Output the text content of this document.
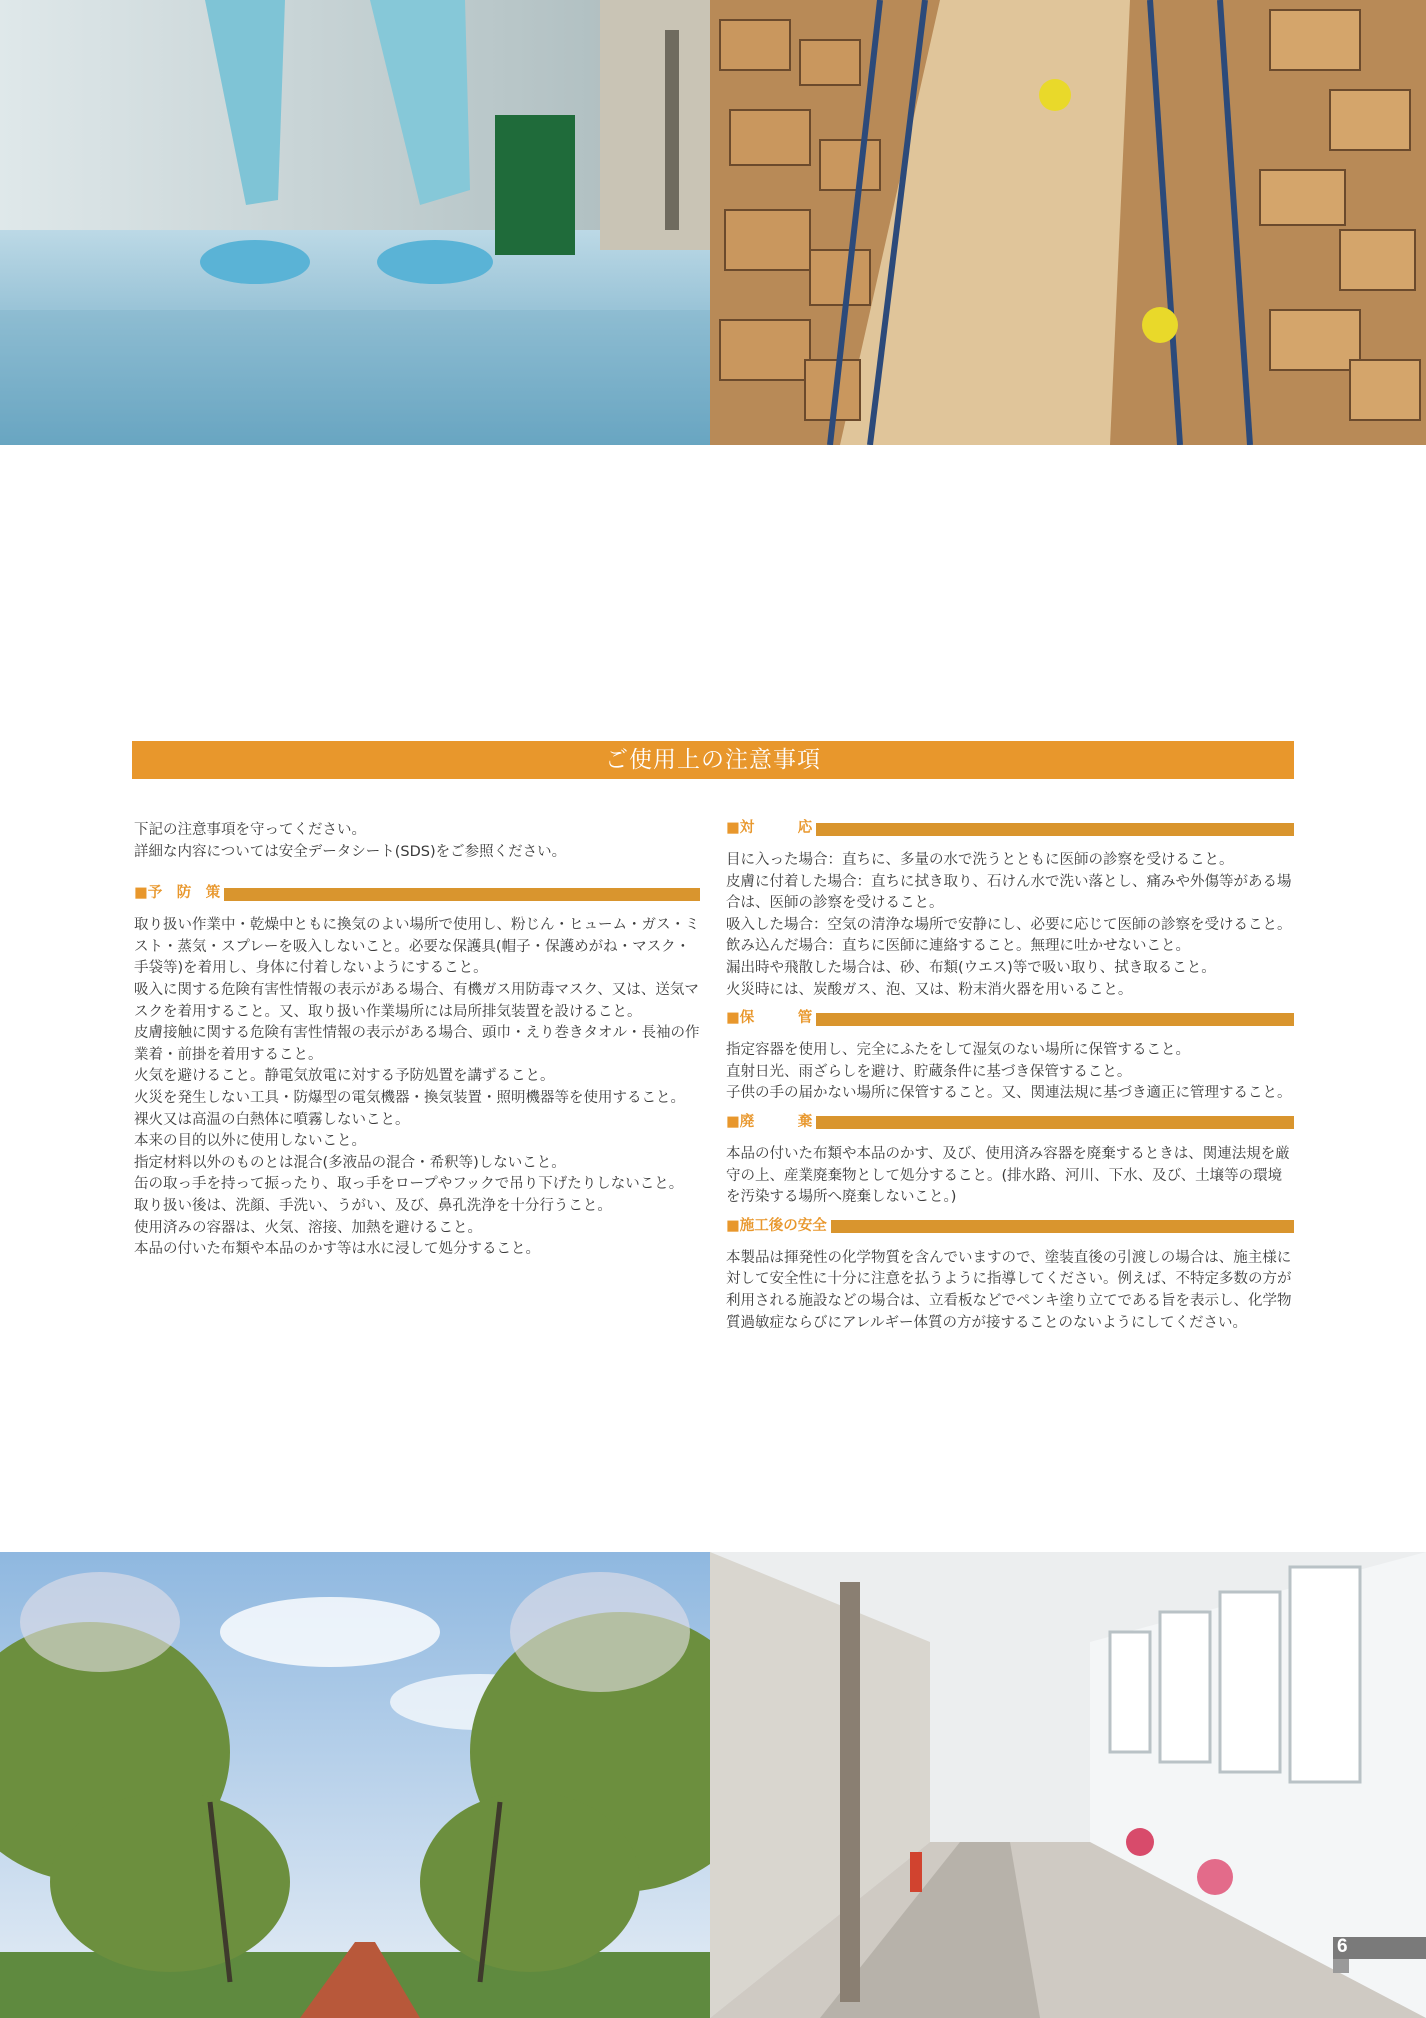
ご使用上の注意事項

下記の注意事項を守ってください。

詳細な内容については安全データシート(SDS)をご参照ください。

■予　防　策

取り扱い作業中・乾燥中ともに換気のよい場所で使用し、粉じん・ヒューム・ガス・ミスト・蒸気・スプレーを吸入しないこと。必要な保護具(帽子・保護めがね・マスク・手袋等)を着用し、身体に付着しないようにすること。

吸入に関する危険有害性情報の表示がある場合、有機ガス用防毒マスク、又は、送気マスクを着用すること。又、取り扱い作業場所には局所排気装置を設けること。

皮膚接触に関する危険有害性情報の表示がある場合、頭巾・えり巻きタオル・長袖の作業着・前掛を着用すること。

火気を避けること。静電気放電に対する予防処置を講ずること。

火災を発生しない工具・防爆型の電気機器・換気装置・照明機器等を使用すること。

裸火又は高温の白熱体に噴霧しないこと。

本来の目的以外に使用しないこと。

指定材料以外のものとは混合(多液品の混合・希釈等)しないこと。

缶の取っ手を持って振ったり、取っ手をロープやフックで吊り下げたりしないこと。

取り扱い後は、洗顔、手洗い、うがい、及び、鼻孔洗浄を十分行うこと。

使用済みの容器は、火気、溶接、加熱を避けること。

本品の付いた布類や本品のかす等は水に浸して処分すること。

■対　　　応

目に入った場合：直ちに、多量の水で洗うとともに医師の診察を受けること。

皮膚に付着した場合：直ちに拭き取り、石けん水で洗い落とし、痛みや外傷等がある場合は、医師の診察を受けること。

吸入した場合：空気の清浄な場所で安静にし、必要に応じて医師の診察を受けること。

飲み込んだ場合：直ちに医師に連絡すること。無理に吐かせないこと。

漏出時や飛散した場合は、砂、布類(ウエス)等で吸い取り、拭き取ること。

火災時には、炭酸ガス、泡、又は、粉末消火器を用いること。

■保　　　管

指定容器を使用し、完全にふたをして湿気のない場所に保管すること。

直射日光、雨ざらしを避け、貯蔵条件に基づき保管すること。

子供の手の届かない場所に保管すること。又、関連法規に基づき適正に管理すること。

■廃　　　棄

本品の付いた布類や本品のかす、及び、使用済み容器を廃棄するときは、関連法規を厳守の上、産業廃棄物として処分すること。(排水路、河川、下水、及び、土壌等の環境を汚染する場所へ廃棄しないこと。)

■施工後の安全

本製品は揮発性の化学物質を含んでいますので、塗装直後の引渡しの場合は、施主様に対して安全性に十分に注意を払うように指導してください。例えば、不特定多数の方が利用される施設などの場合は、立看板などでペンキ塗り立てである旨を表示し、化学物質過敏症ならびにアレルギー体質の方が接することのないようにしてください。

6
